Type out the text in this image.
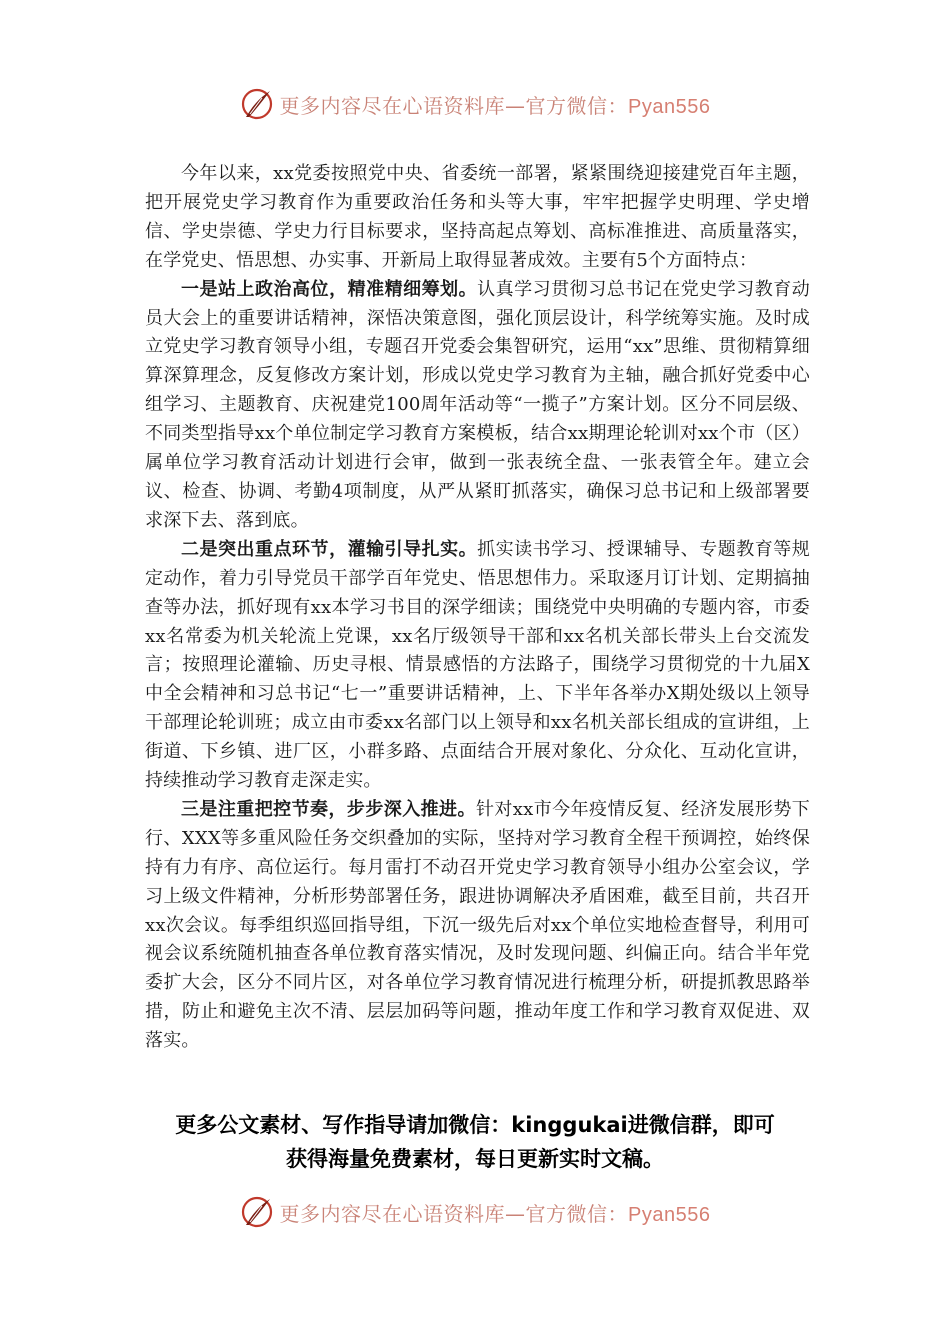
更多内容尽在心语资料库—官方微信：Pyan556

今年以来，xx党委按照党中央、省委统一部署，紧紧围绕迎接建党百年主题，把开展党史学习教育作为重要政治任务和头等大事，牢牢把握学史明理、学史增信、学史崇德、学史力行目标要求，坚持高起点筹划、高标准推进、高质量落实，在学党史、悟思想、办实事、开新局上取得显著成效。主要有5个方面特点：

一是站上政治高位，精准精细筹划。认真学习贯彻习总书记在党史学习教育动员大会上的重要讲话精神，深悟决策意图，强化顶层设计，科学统筹实施。及时成立党史学习教育领导小组，专题召开党委会集智研究，运用“xx”思维、贯彻精算细算深算理念，反复修改方案计划，形成以党史学习教育为主轴，融合抓好党委中心组学习、主题教育、庆祝建党100周年活动等“一揽子”方案计划。区分不同层级、不同类型指导xx个单位制定学习教育方案模板，结合xx期理论轮训对xx个市（区）属单位学习教育活动计划进行会审，做到一张表统全盘、一张表管全年。建立会议、检查、协调、考勤4项制度，从严从紧盯抓落实，确保习总书记和上级部署要求深下去、落到底。

二是突出重点环节，灌输引导扎实。抓实读书学习、授课辅导、专题教育等规定动作，着力引导党员干部学百年党史、悟思想伟力。采取逐月订计划、定期搞抽查等办法，抓好现有xx本学习书目的深学细读；围绕党中央明确的专题内容，市委xx名常委为机关轮流上党课，xx名厅级领导干部和xx名机关部长带头上台交流发言；按照理论灌输、历史寻根、情景感悟的方法路子，围绕学习贯彻党的十九届X中全会精神和习总书记“七一”重要讲话精神，上、下半年各举办X期处级以上领导干部理论轮训班；成立由市委xx名部门以上领导和xx名机关部长组成的宣讲组，上街道、下乡镇、进厂区，小群多路、点面结合开展对象化、分众化、互动化宣讲，持续推动学习教育走深走实。

三是注重把控节奏，步步深入推进。针对xx市今年疫情反复、经济发展形势下行、XXX等多重风险任务交织叠加的实际，坚持对学习教育全程干预调控，始终保持有力有序、高位运行。每月雷打不动召开党史学习教育领导小组办公室会议，学习上级文件精神，分析形势部署任务，跟进协调解决矛盾困难，截至目前，共召开xx次会议。每季组织巡回指导组，下沉一级先后对xx个单位实地检查督导，利用可视会议系统随机抽查各单位教育落实情况，及时发现问题、纠偏正向。结合半年党委扩大会，区分不同片区，对各单位学习教育情况进行梳理分析，研提抓教思路举措，防止和避免主次不清、层层加码等问题，推动年度工作和学习教育双促进、双落实。

更多公文素材、写作指导请加微信：kinggukai进微信群，即可
获得海量免费素材，每日更新实时文稿。
更多内容尽在心语资料库—官方微信：Pyan556
